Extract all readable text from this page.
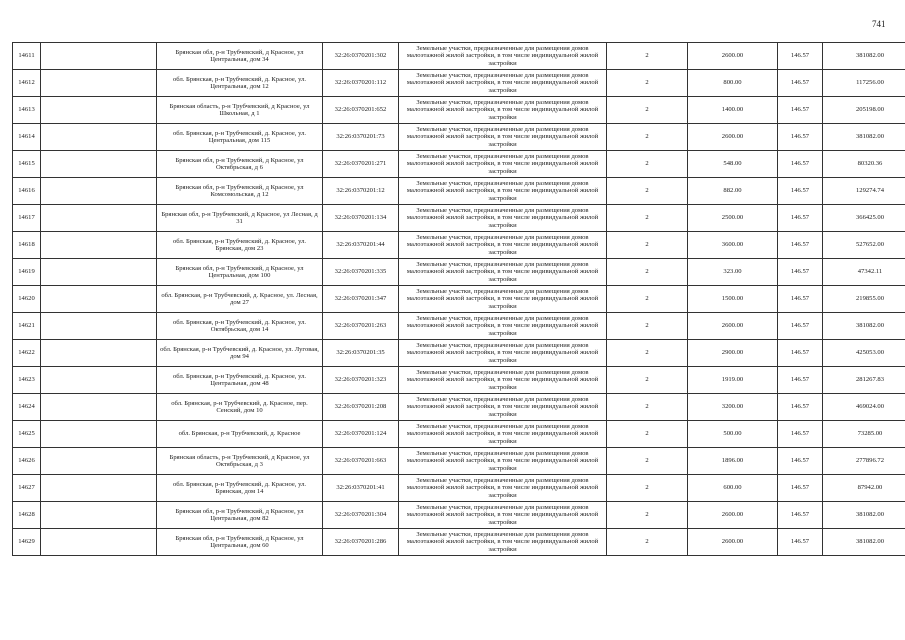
741
14611		Брянская обл, р-н Трубчевский, д Красное, ул Центральная, дом 34	32:26:0370201:302	Земельные участки, предназначенные для размещения домов малоэтажной жилой застройки, в том числе индивидуальной жилой застройки	2	2600.00	146.57	381082.00
14612		обл. Брянская, р-н Трубчевский, д. Красное, ул. Центральная, дом 12	32:26:0370201:112	Земельные участки, предназначенные для размещения домов малоэтажной жилой застройки, в том числе индивидуальной жилой застройки	2	800.00	146.57	117256.00
14613		Брянская область, р-н Трубчевский, д Красное, ул Школьная, д 1	32:26:0370201:652	Земельные участки, предназначенные для размещения домов малоэтажной жилой застройки, в том числе индивидуальной жилой застройки	2	1400.00	146.57	205198.00
14614		обл. Брянская, р-н Трубчевский, д. Красное, ул. Центральная, дом 115	32:26:0370201:73	Земельные участки, предназначенные для размещения домов малоэтажной жилой застройки, в том числе индивидуальной жилой застройки	2	2600.00	146.57	381082.00
14615		Брянская обл, р-н Трубчевский, д Красное, ул Октябрьская, д 6	32:26:0370201:271	Земельные участки, предназначенные для размещения домов малоэтажной жилой застройки, в том числе индивидуальной жилой застройки	2	548.00	146.57	80320.36
14616		Брянская обл, р-н Трубчевский, д Красное, ул Комсомольская, д 12	32:26:0370201:12	Земельные участки, предназначенные для размещения домов малоэтажной жилой застройки, в том числе индивидуальной жилой застройки	2	882.00	146.57	129274.74
14617		Брянская обл, р-н Трубчевский, д Красное, ул Лесная, д 31	32:26:0370201:134	Земельные участки, предназначенные для размещения домов малоэтажной жилой застройки, в том числе индивидуальной жилой застройки	2	2500.00	146.57	366425.00
14618		обл. Брянская, р-н Трубчевский, д. Красное, ул. Брянская, дом 23	32:26:0370201:44	Земельные участки, предназначенные для размещения домов малоэтажной жилой застройки, в том числе индивидуальной жилой застройки	2	3600.00	146.57	527652.00
14619		Брянская обл, р-н Трубчевский, д Красное, ул Центральная, дом 100	32:26:0370201:335	Земельные участки, предназначенные для размещения домов малоэтажной жилой застройки, в том числе индивидуальной жилой застройки	2	323.00	146.57	47342.11
14620		обл. Брянская, р-н Трубчевский, д. Красное, ул. Лесная, дом 27	32:26:0370201:347	Земельные участки, предназначенные для размещения домов малоэтажной жилой застройки, в том числе индивидуальной жилой застройки	2	1500.00	146.57	219855.00
14621		обл. Брянская, р-н Трубчевский, д. Красное, ул. Октябрьская, дом 14	32:26:0370201:263	Земельные участки, предназначенные для размещения домов малоэтажной жилой застройки, в том числе индивидуальной жилой застройки	2	2600.00	146.57	381082.00
14622		обл. Брянская, р-н Трубчевский, д. Красное, ул. Луговая, дом 94	32:26:0370201:35	Земельные участки, предназначенные для размещения домов малоэтажной жилой застройки, в том числе индивидуальной жилой застройки	2	2900.00	146.57	425053.00
14623		обл. Брянская, р-н Трубчевский, д. Красное, ул. Центральная, дом 48	32:26:0370201:323	Земельные участки, предназначенные для размещения домов малоэтажной жилой застройки, в том числе индивидуальной жилой застройки	2	1919.00	146.57	281267.83
14624		обл. Брянская, р-н Трубчевский, д. Красное, пер. Сенский, дом 10	32:26:0370201:208	Земельные участки, предназначенные для размещения домов малоэтажной жилой застройки, в том числе индивидуальной жилой застройки	2	3200.00	146.57	469024.00
14625		обл. Брянская, р-н Трубчевский, д. Красное	32:26:0370201:124	Земельные участки, предназначенные для размещения домов малоэтажной жилой застройки, в том числе индивидуальной жилой застройки	2	500.00	146.57	73285.00
14626		Брянская область, р-н Трубчевский, д Красное, ул Октябрьская, д 3	32:26:0370201:663	Земельные участки, предназначенные для размещения домов малоэтажной жилой застройки, в том числе индивидуальной жилой застройки	2	1896.00	146.57	277896.72
14627		обл. Брянская, р-н Трубчевский, д. Красное, ул. Брянская, дом 14	32:26:0370201:41	Земельные участки, предназначенные для размещения домов малоэтажной жилой застройки, в том числе индивидуальной жилой застройки	2	600.00	146.57	87942.00
14628		Брянская обл, р-н Трубчевский, д Красное, ул Центральная, дом 82	32:26:0370201:304	Земельные участки, предназначенные для размещения домов малоэтажной жилой застройки, в том числе индивидуальной жилой застройки	2	2600.00	146.57	381082.00
14629		Брянская обл, р-н Трубчевский, д Красное, ул Центральная, дом 60	32:26:0370201:286	Земельные участки, предназначенные для размещения домов малоэтажной жилой застройки, в том числе индивидуальной жилой застройки	2	2600.00	146.57	381082.00
